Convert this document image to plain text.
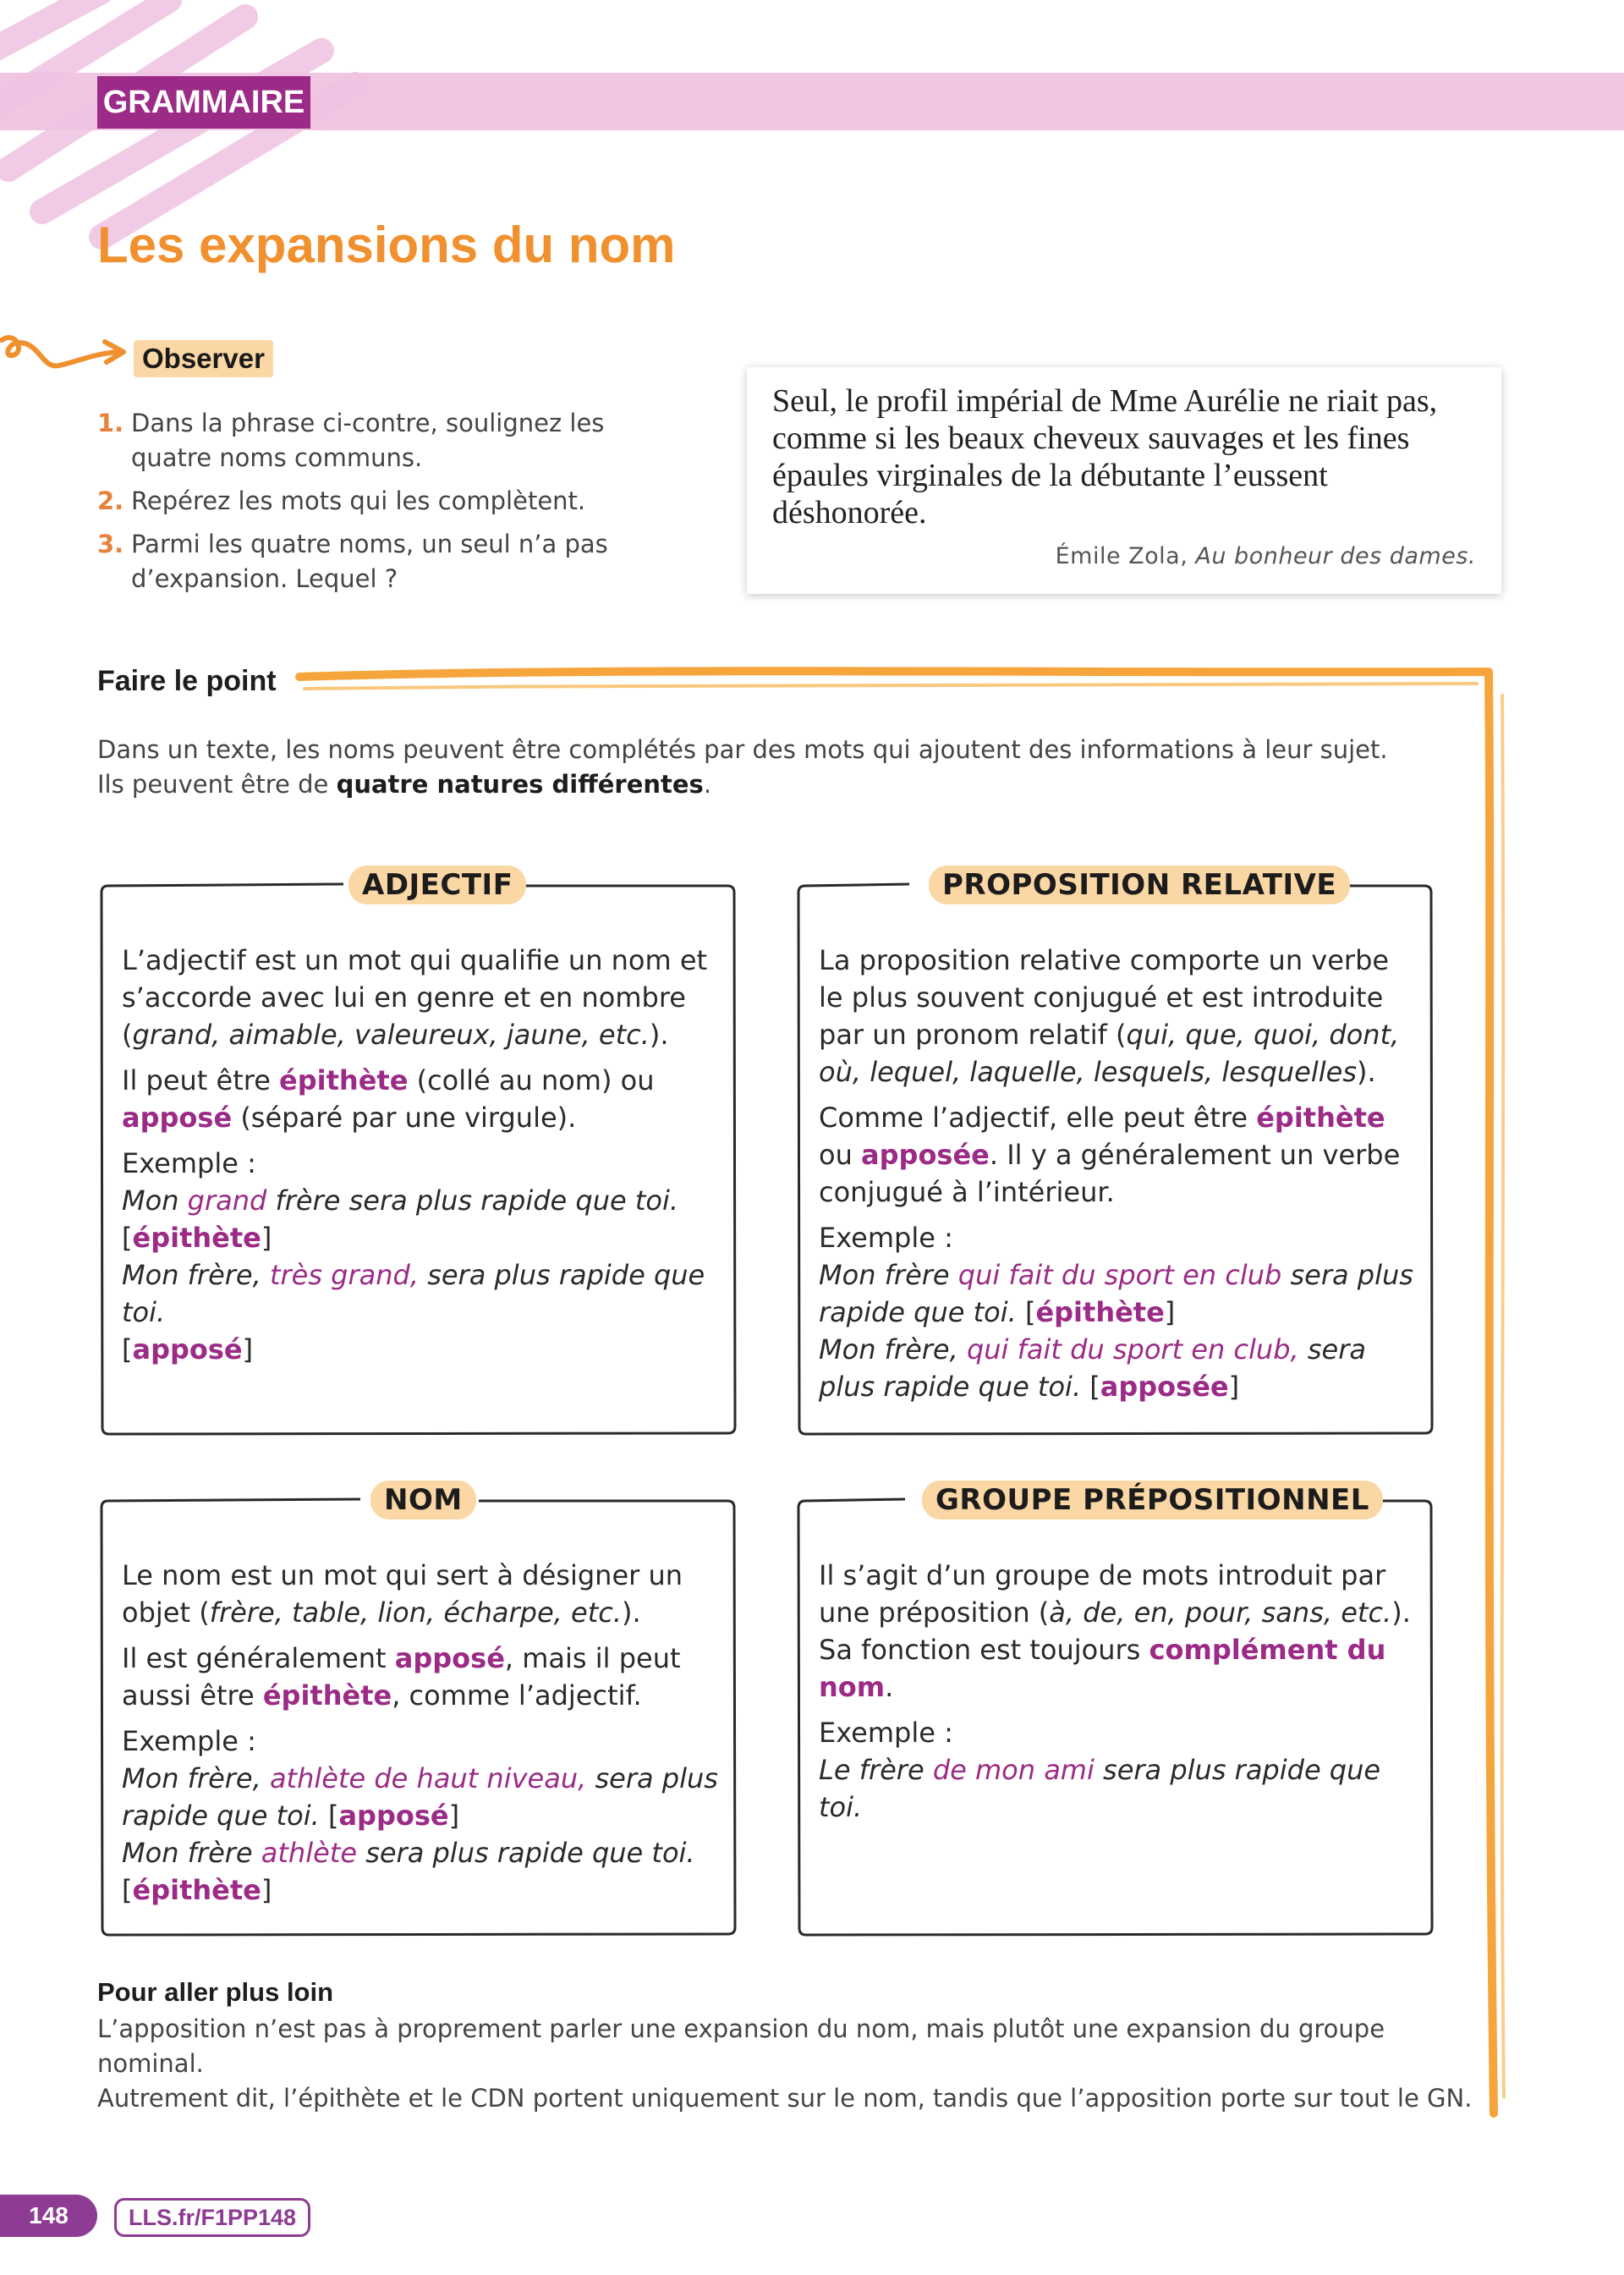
GRAMMAIRE
Les expansions du nom
Observer
1. Dans la phrase ci-contre, soulignez les quatre noms communs.
2. Repérez les mots qui les complètent.
3. Parmi les quatre noms, un seul n’a pas d’expansion. Lequel ?
Seul, le profil impérial de Mme Aurélie ne riait pas, comme si les beaux cheveux sauvages et les fines épaules virginales de la débutante l’eussent déshonorée.
Émile Zola, Au bonheur des dames.
Faire le point
Dans un texte, les noms peuvent être complétés par des mots qui ajoutent des informations à leur sujet.
Ils peuvent être de quatre natures différentes.
ADJECTIF

L’adjectif est un mot qui qualifie un nom et s’accorde avec lui en genre et en nombre (grand, aimable, valeureux, jaune, etc.).

Il peut être épithète (collé au nom) ou apposé (séparé par une virgule).

Exemple :
Mon grand frère sera plus rapide que toi.
[épithète]
Mon frère, très grand, sera plus rapide que toi.
[apposé]
PROPOSITION RELATIVE

La proposition relative comporte un verbe le plus souvent conjugué et est introduite par un pronom relatif (qui, que, quoi, dont, où, lequel, laquelle, lesquels, lesquelles).

Comme l’adjectif, elle peut être épithète ou apposée. Il y a généralement un verbe conjugué à l’intérieur.

Exemple :
Mon frère qui fait du sport en club sera plus rapide que toi. [épithète]
Mon frère, qui fait du sport en club, sera plus rapide que toi. [apposée]
NOM

Le nom est un mot qui sert à désigner un objet (frère, table, lion, écharpe, etc.).

Il est généralement apposé, mais il peut aussi être épithète, comme l’adjectif.

Exemple :
Mon frère, athlète de haut niveau, sera plus rapide que toi. [apposé]
Mon frère athlète sera plus rapide que toi.
[épithète]
GROUPE PRÉPOSITIONNEL

Il s’agit d’un groupe de mots introduit par une préposition (à, de, en, pour, sans, etc.). Sa fonction est toujours complément du nom.

Exemple :
Le frère de mon ami sera plus rapide que toi.
Pour aller plus loin
L’apposition n’est pas à proprement parler une expansion du nom, mais plutôt une expansion du groupe nominal.
Autrement dit, l’épithète et le CDN portent uniquement sur le nom, tandis que l’apposition porte sur tout le GN.
148	LLS.fr/F1PP148
